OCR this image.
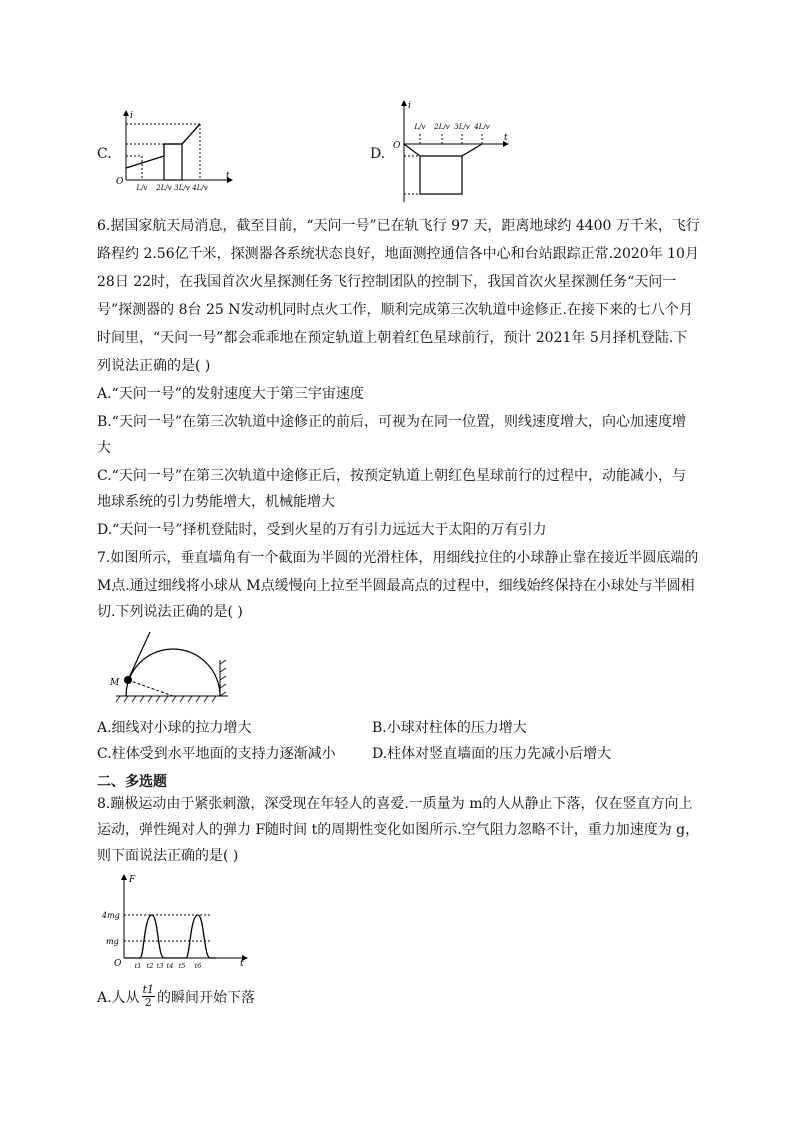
C.
i
t
O
L/v 2L/v 3L/v 4L/v
D.
i
t
O
L/v 2L/v 3L/v 4L/v
6.据国家航天局消息，截至目前，“天问一号”已在轨飞行 97 天，距离地球约 4400 万千米，飞行
路程约 2.56亿千米，探测器各系统状态良好，地面测控通信各中心和台站跟踪正常.2020年 10月
28日 22时，在我国首次火星探测任务飞行控制团队的控制下，我国首次火星探测任务“天问一
号”探测器的 8台 25 N发动机同时点火工作，顺利完成第三次轨道中途修正.在接下来的七八个月
时间里，“天问一号”都会乖乖地在预定轨道上朝着红色星球前行，预计 2021年 5月择机登陆.下
列说法正确的是( )
A.“天问一号”的发射速度大于第三宇宙速度
B.“天问一号”在第三次轨道中途修正的前后，可视为在同一位置，则线速度增大，向心加速度增
大
C.“天问一号”在第三次轨道中途修正后，按预定轨道上朝红色星球前行的过程中，动能减小，与
地球系统的引力势能增大，机械能增大
D.“天问一号”择机登陆时，受到火星的万有引力远远大于太阳的万有引力
7.如图所示，垂直墙角有一个截面为半圆的光滑柱体，用细线拉住的小球静止靠在接近半圆底端的
M点.通过细线将小球从 M点缓慢向上拉至半圆最高点的过程中，细线始终保持在小球处与半圆相
切.下列说法正确的是( )
M
A.细线对小球的拉力增大	B.小球对柱体的压力增大
C.柱体受到水平地面的支持力逐渐减小	D.柱体对竖直墙面的压力先减小后增大
二、多选题
8.蹦极运动由于紧张刺激，深受现在年轻人的喜爱.一质量为 m的人从静止下落，仅在竖直方向上
运动，弹性绳对人的弹力 F随时间 t的周期性变化如图所示.空气阻力忽略不计，重力加速度为 g，
则下面说法正确的是( )
F
t
O
4mg
mg
t1 t2 t3 t4 t5 t6
A.人从 $\frac{t1}{2}$ 的瞬间开始下落
